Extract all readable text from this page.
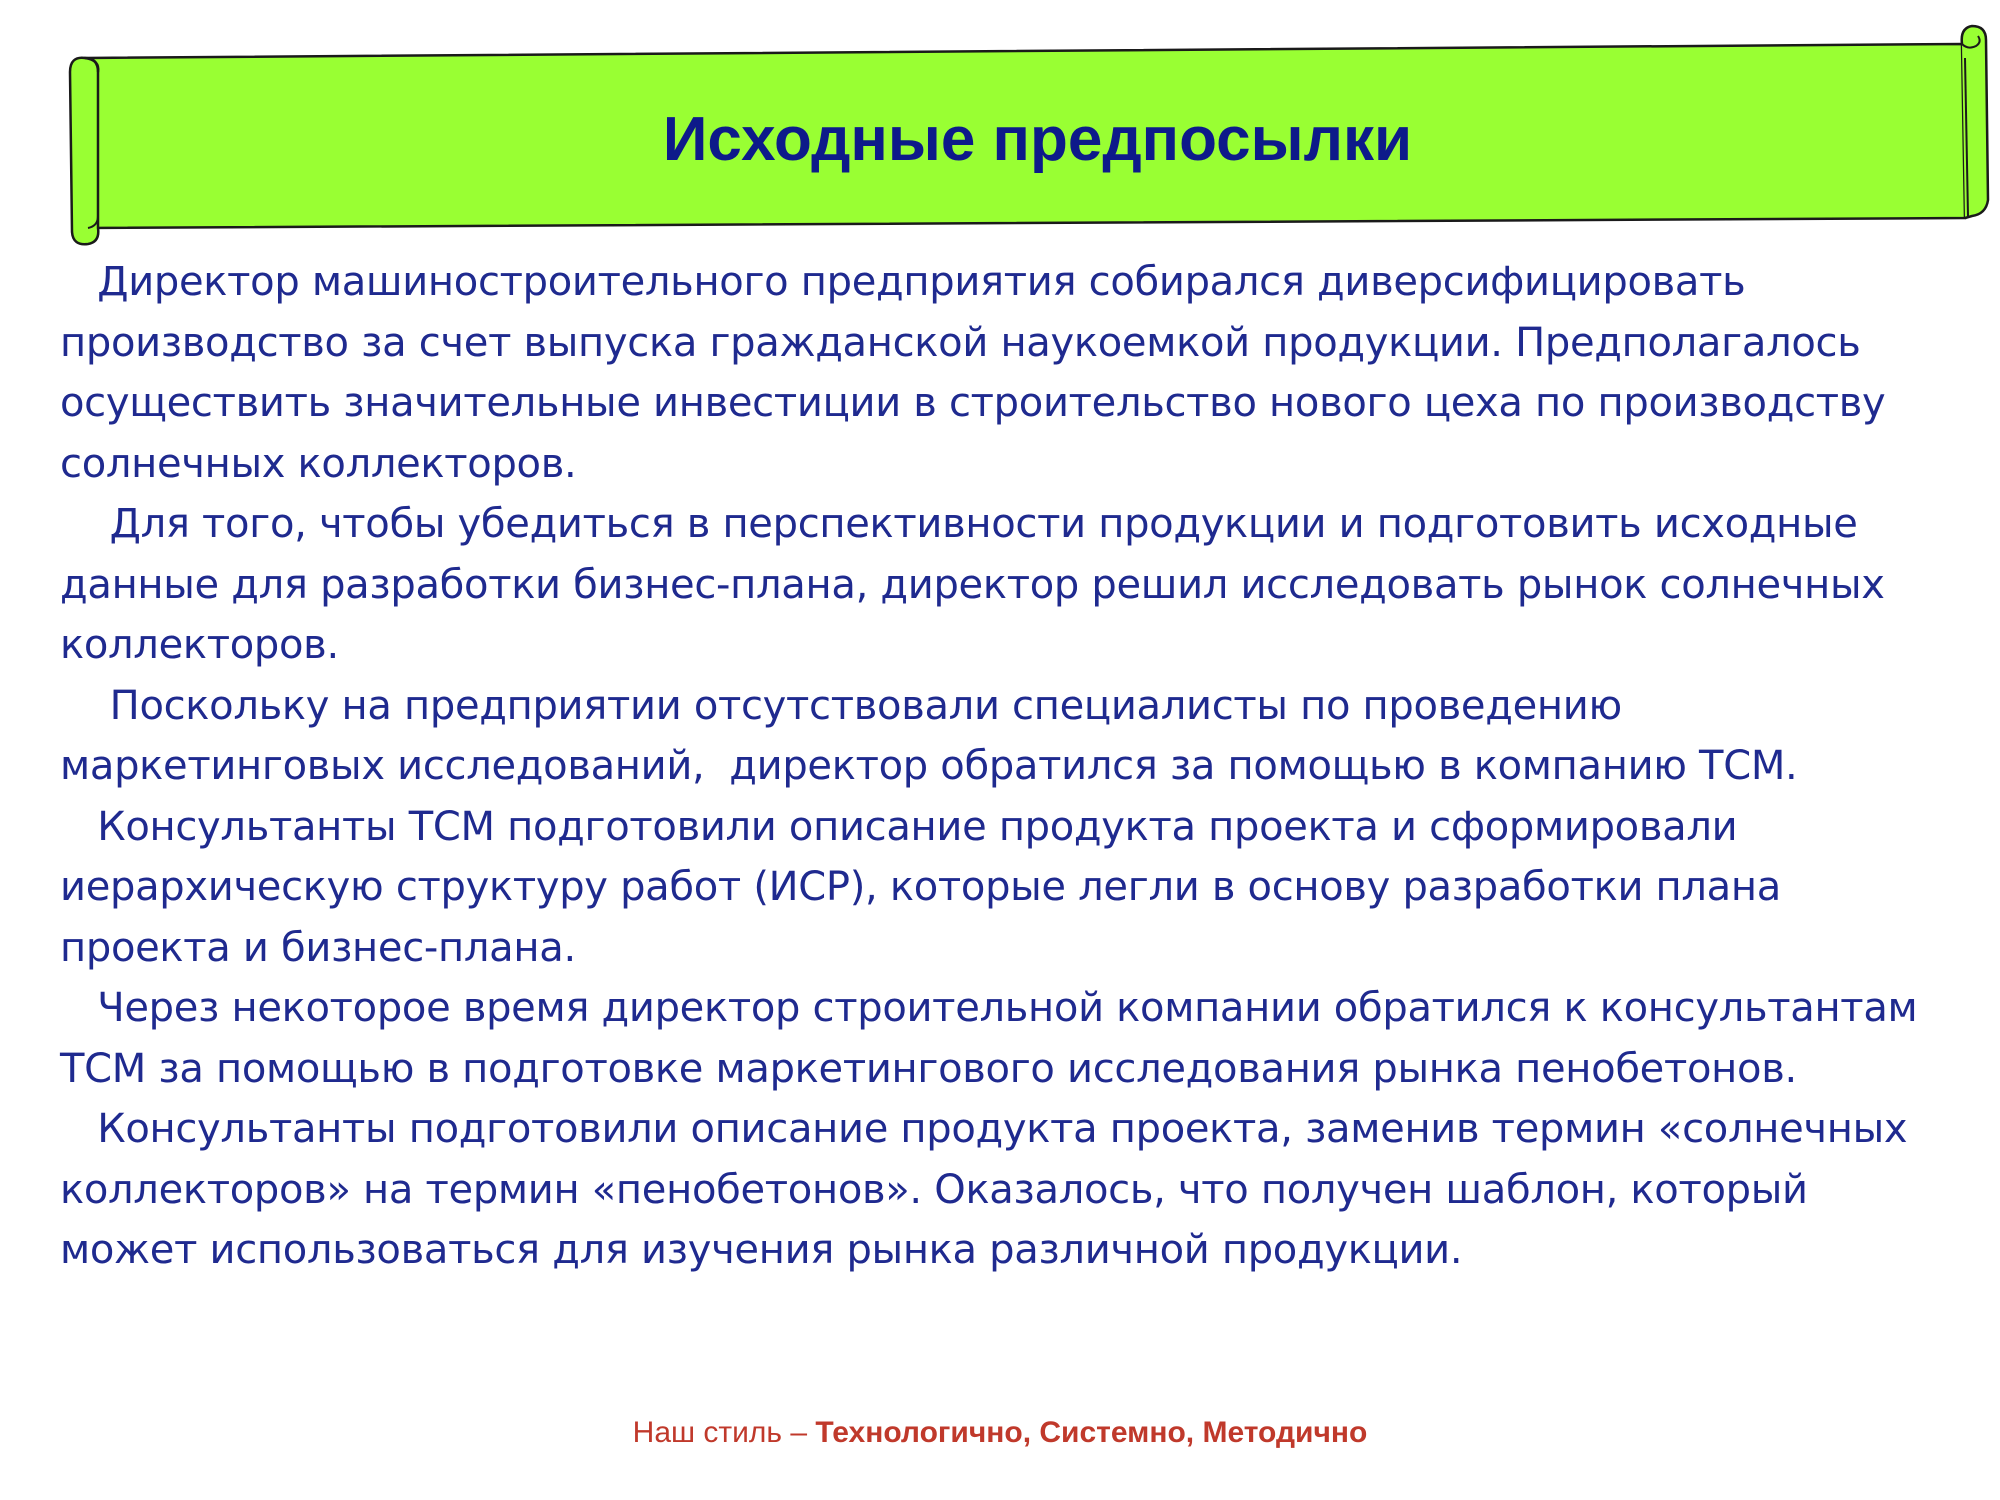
Исходные предпосылки
Директор машиностроительного предприятия собирался диверсифицировать
производство за счет выпуска гражданской наукоемкой продукции. Предполагалось
осуществить значительные инвестиции в строительство нового цеха по производству
солнечных коллекторов.
Для того, чтобы убедиться в перспективности продукции и подготовить исходные
данные для разработки бизнес-плана, директор решил исследовать рынок солнечных
коллекторов.
Поскольку на предприятии отсутствовали специалисты по проведению
маркетинговых исследований,  директор обратился за помощью в компанию ТСМ.
Консультанты ТСМ подготовили описание продукта проекта и сформировали
иерархическую структуру работ (ИСР), которые легли в основу разработки плана
проекта и бизнес-плана.
Через некоторое время директор строительной компании обратился к консультантам
ТСМ за помощью в подготовке маркетингового исследования рынка пенобетонов.
Консультанты подготовили описание продукта проекта, заменив термин «солнечных
коллекторов» на термин «пенобетонов». Оказалось, что получен шаблон, который
может использоваться для изучения рынка различной продукции.
Наш стиль – Технологично, Системно, Методично
